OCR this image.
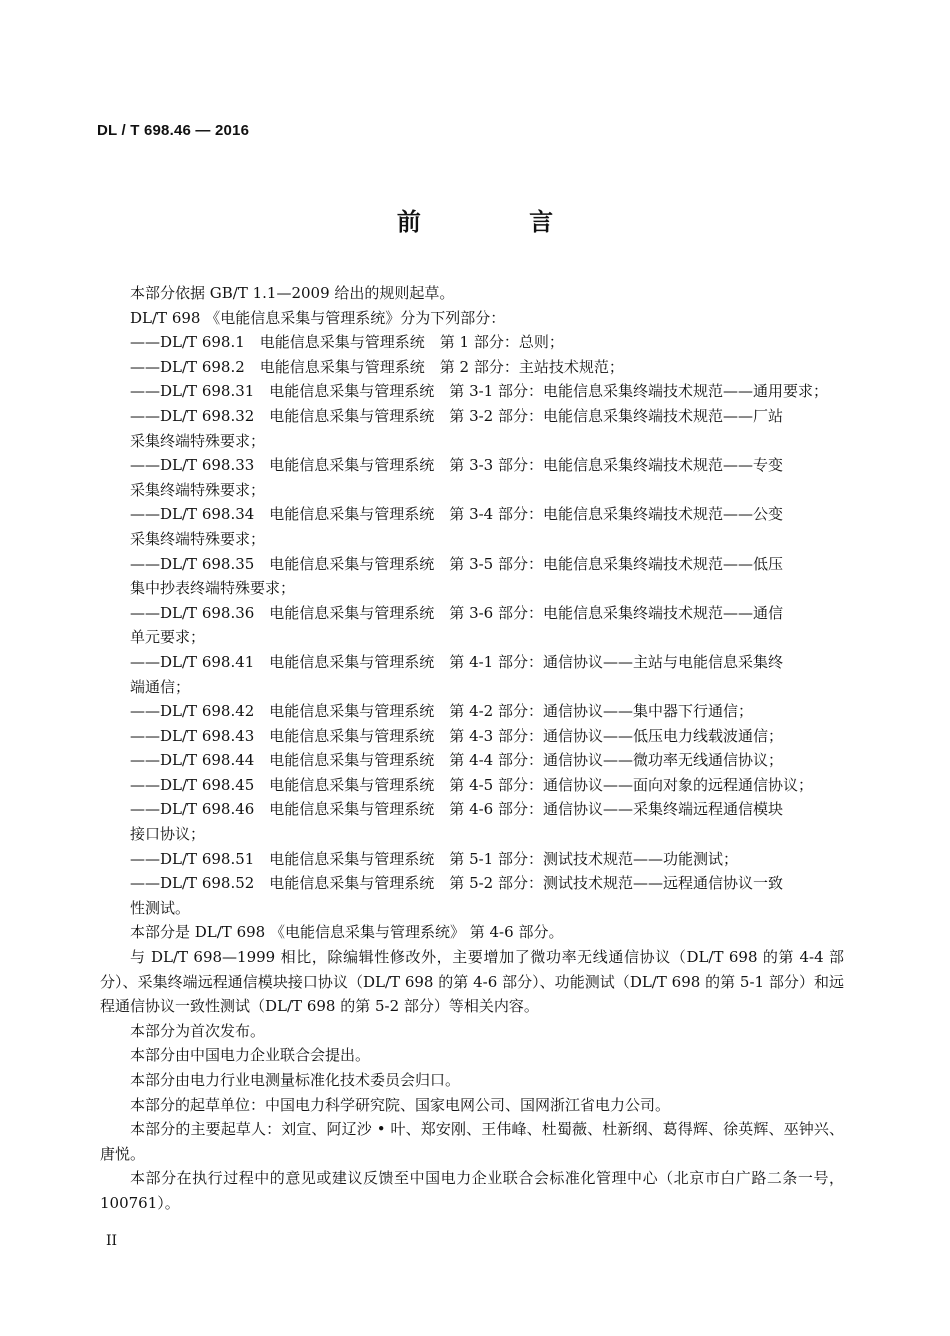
DL / T 698.46 — 2016
前 言
本部分依据 GB/T 1.1—2009 给出的规则起草。
DL/T 698 《电能信息采集与管理系统》分为下列部分：
——DL/T 698.1　电能信息采集与管理系统　第 1 部分：总则；
——DL/T 698.2　电能信息采集与管理系统　第 2 部分：主站技术规范；
——DL/T 698.31　电能信息采集与管理系统　第 3-1 部分：电能信息采集终端技术规范——通用要求；
——DL/T 698.32　电能信息采集与管理系统　第 3-2 部分：电能信息采集终端技术规范——厂站
采集终端特殊要求；
——DL/T 698.33　电能信息采集与管理系统　第 3-3 部分：电能信息采集终端技术规范——专变
采集终端特殊要求；
——DL/T 698.34　电能信息采集与管理系统　第 3-4 部分：电能信息采集终端技术规范——公变
采集终端特殊要求；
——DL/T 698.35　电能信息采集与管理系统　第 3-5 部分：电能信息采集终端技术规范——低压
集中抄表终端特殊要求；
——DL/T 698.36　电能信息采集与管理系统　第 3-6 部分：电能信息采集终端技术规范——通信
单元要求；
——DL/T 698.41　电能信息采集与管理系统　第 4-1 部分：通信协议——主站与电能信息采集终
端通信；
——DL/T 698.42　电能信息采集与管理系统　第 4-2 部分：通信协议——集中器下行通信；
——DL/T 698.43　电能信息采集与管理系统　第 4-3 部分：通信协议——低压电力线载波通信；
——DL/T 698.44　电能信息采集与管理系统　第 4-4 部分：通信协议——微功率无线通信协议；
——DL/T 698.45　电能信息采集与管理系统　第 4-5 部分：通信协议——面向对象的远程通信协议；
——DL/T 698.46　电能信息采集与管理系统　第 4-6 部分：通信协议——采集终端远程通信模块
接口协议；
——DL/T 698.51　电能信息采集与管理系统　第 5-1 部分：测试技术规范——功能测试；
——DL/T 698.52　电能信息采集与管理系统　第 5-2 部分：测试技术规范——远程通信协议一致
性测试。
本部分是 DL/T 698 《电能信息采集与管理系统》 第 4-6 部分。
与 DL/T 698—1999 相比，除编辑性修改外，主要增加了微功率无线通信协议（DL/T 698 的第 4-4 部分）、采集终端远程通信模块接口协议（DL/T 698 的第 4-6 部分）、功能测试（DL/T 698 的第 5-1 部分）和远程通信协议一致性测试（DL/T 698 的第 5-2 部分）等相关内容。
本部分为首次发布。
本部分由中国电力企业联合会提出。
本部分由电力行业电测量标准化技术委员会归口。
本部分的起草单位：中国电力科学研究院、国家电网公司、国网浙江省电力公司。
本部分的主要起草人：刘宣、阿辽沙 • 叶、郑安刚、王伟峰、杜蜀薇、杜新纲、葛得辉、徐英辉、巫钟兴、唐悦。
本部分在执行过程中的意见或建议反馈至中国电力企业联合会标准化管理中心（北京市白广路二条一号，100761）。
II
